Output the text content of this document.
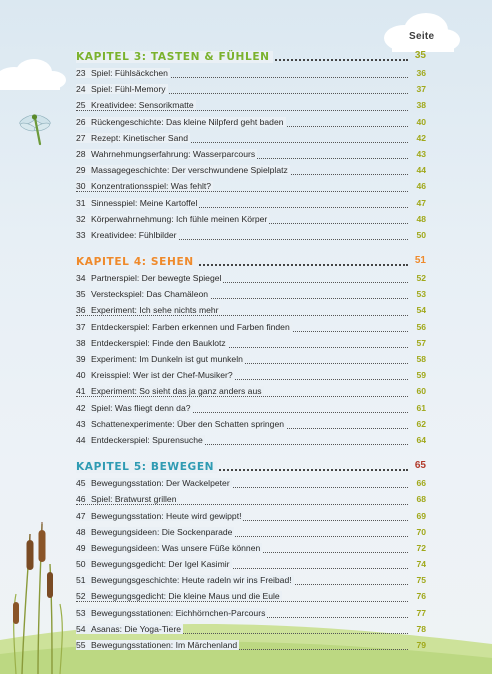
Seite
KAPITEL 3: TASTEN & FÜHLEN	35
23 Spiel: Fühlsäckchen	36
24 Spiel: Fühl-Memory	37
25 Kreatividee: Sensorikmatte	38
26 Rückengeschichte: Das kleine Nilpferd geht baden	40
27 Rezept: Kinetischer Sand	42
28 Wahrnehmungserfahrung: Wasserparcours	43
29 Massagegeschichte: Der verschwundene Spielplatz	44
30 Konzentrationsspiel: Was fehlt?	46
31 Sinnesspiel: Meine Kartoffel	47
32 Körperwahrnehmung: Ich fühle meinen Körper	48
33 Kreatividee: Fühlbilder	50
KAPITEL 4: SEHEN	51
34 Partnerspiel: Der bewegte Spiegel	52
35 Versteckspiel: Das Chamäleon	53
36 Experiment: Ich sehe nichts mehr	54
37 Entdeckerspiel: Farben erkennen und Farben finden	56
38 Entdeckerspiel: Finde den Bauklotz	57
39 Experiment: Im Dunkeln ist gut munkeln	58
40 Kreisspiel: Wer ist der Chef-Musiker?	59
41 Experiment: So sieht das ja ganz anders aus	60
42 Spiel: Was fliegt denn da?	61
43 Schattenexperimente: Über den Schatten springen	62
44 Entdeckerspiel: Spurensuche	64
KAPITEL 5: BEWEGEN	65
45 Bewegungsstation: Der Wackelpeter	66
46 Spiel: Bratwurst grillen	68
47 Bewegungsstation: Heute wird gewippt!	69
48 Bewegungsideen: Die Sockenparade	70
49 Bewegungsideen: Was unsere Füße können	72
50 Bewegungsgedicht: Der Igel Kasimir	74
51 Bewegungsgeschichte: Heute radeln wir ins Freibad!	75
52 Bewegungsgedicht: Die kleine Maus und die Eule	76
53 Bewegungsstationen: Eichhörnchen-Parcours	77
54 Asanas: Die Yoga-Tiere	78
55 Bewegungsstationen: Im Märchenland	79
